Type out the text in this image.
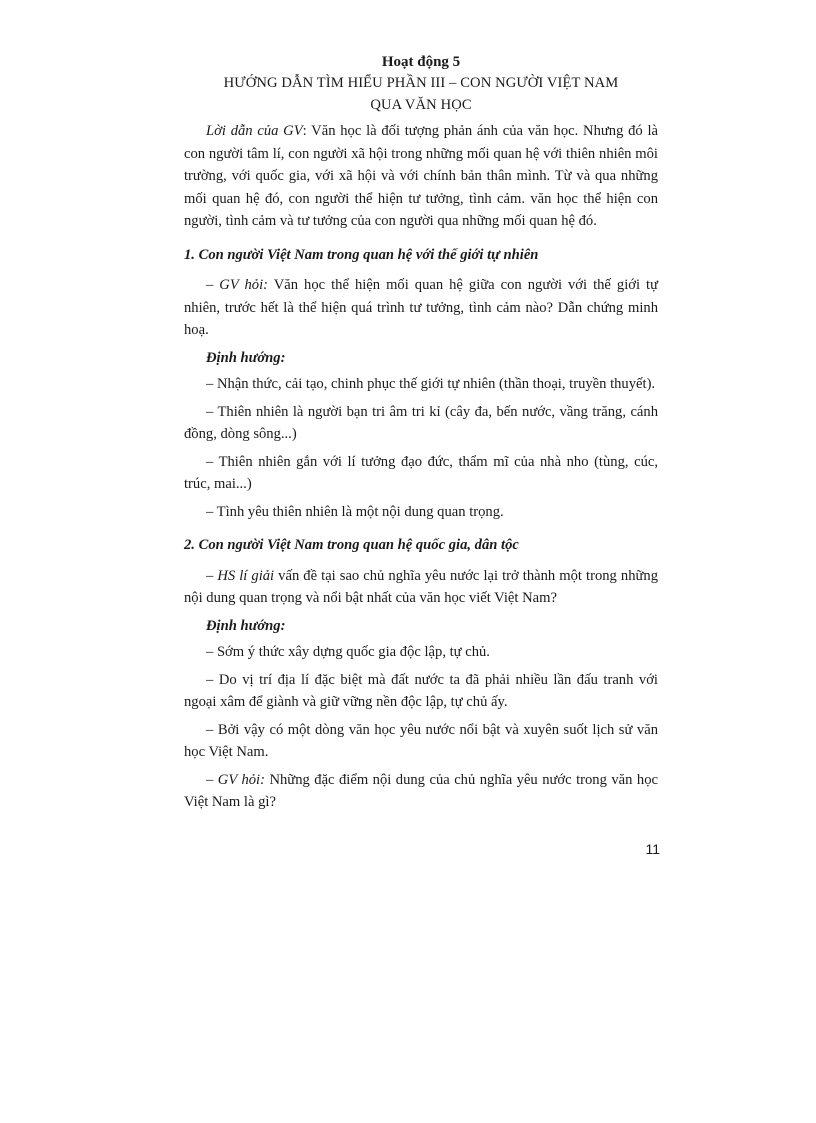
Hoạt động 5
HƯỚNG DẪN TÌM HIỂU PHẦN III – CON NGƯỜI VIỆT NAM
QUA VĂN HỌC

Lời dẫn của GV: Văn học là đối tượng phản ánh của văn học. Nhưng đó là con người tâm lí, con người xã hội trong những mối quan hệ với thiên nhiên môi trường, với quốc gia, với xã hội và với chính bản thân mình. Từ và qua những mối quan hệ đó, con người thể hiện tư tưởng, tình cảm. văn học thể hiện con người, tình cảm và tư tưởng của con người qua những mối quan hệ đó.

1. Con người Việt Nam trong quan hệ với thế giới tự nhiên

– GV hỏi: Văn học thể hiện mối quan hệ giữa con người với thế giới tự nhiên, trước hết là thể hiện quá trình tư tưởng, tình cảm nào? Dẫn chứng minh hoạ.

Định hướng:

– Nhận thức, cải tạo, chinh phục thế giới tự nhiên (thần thoại, truyền thuyết).

– Thiên nhiên là người bạn tri âm tri kỉ (cây đa, bến nước, vầng trăng, cánh đồng, dòng sông...)

– Thiên nhiên gắn với lí tưởng đạo đức, thẩm mĩ của nhà nho (tùng, cúc, trúc, mai...)

– Tình yêu thiên nhiên là một nội dung quan trọng.

2. Con người Việt Nam trong quan hệ quốc gia, dân tộc

– HS lí giải vấn đề tại sao chủ nghĩa yêu nước lại trở thành một trong những nội dung quan trọng và nổi bật nhất của văn học viết Việt Nam?

Định hướng:

– Sớm ý thức xây dựng quốc gia độc lập, tự chủ.

– Do vị trí địa lí đặc biệt mà đất nước ta đã phải nhiều lần đấu tranh với ngoại xâm để giành và giữ vững nền độc lập, tự chủ ấy.

– Bởi vậy có một dòng văn học yêu nước nổi bật và xuyên suốt lịch sử văn học Việt Nam.

– GV hỏi: Những đặc điểm nội dung của chủ nghĩa yêu nước trong văn học Việt Nam là gì?

11
